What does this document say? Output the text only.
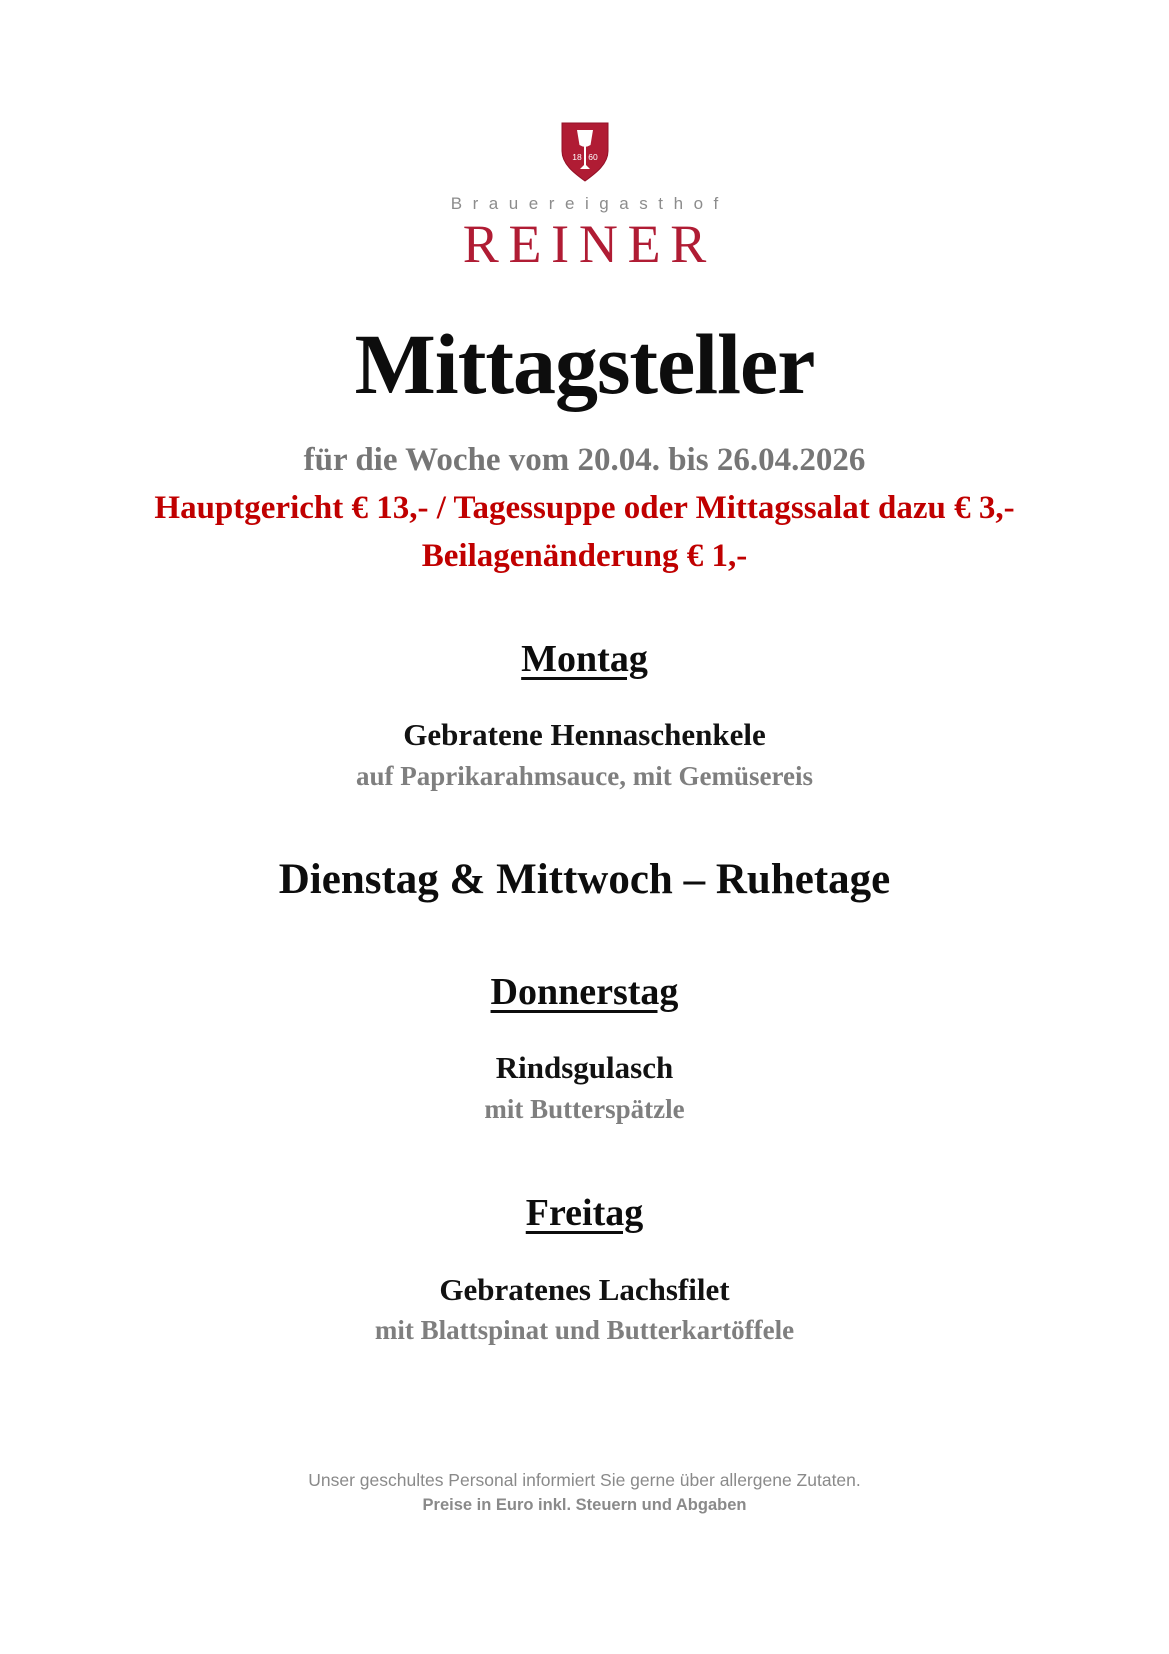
18 60
Brauereigasthof
REINER
Mittagsteller
für die Woche vom 20.04. bis 26.04.2026
Hauptgericht € 13,- / Tagessuppe oder Mittagssalat dazu € 3,-
Beilagenänderung € 1,-
Montag
Gebratene Hennaschenkele
auf Paprikarahmsauce, mit Gemüsereis
Dienstag & Mittwoch – Ruhetage
Donnerstag
Rindsgulasch
mit Butterspätzle
Freitag
Gebratenes Lachsfilet
mit Blattspinat und Butterkartöffele
Unser geschultes Personal informiert Sie gerne über allergene Zutaten.
Preise in Euro inkl. Steuern und Abgaben
